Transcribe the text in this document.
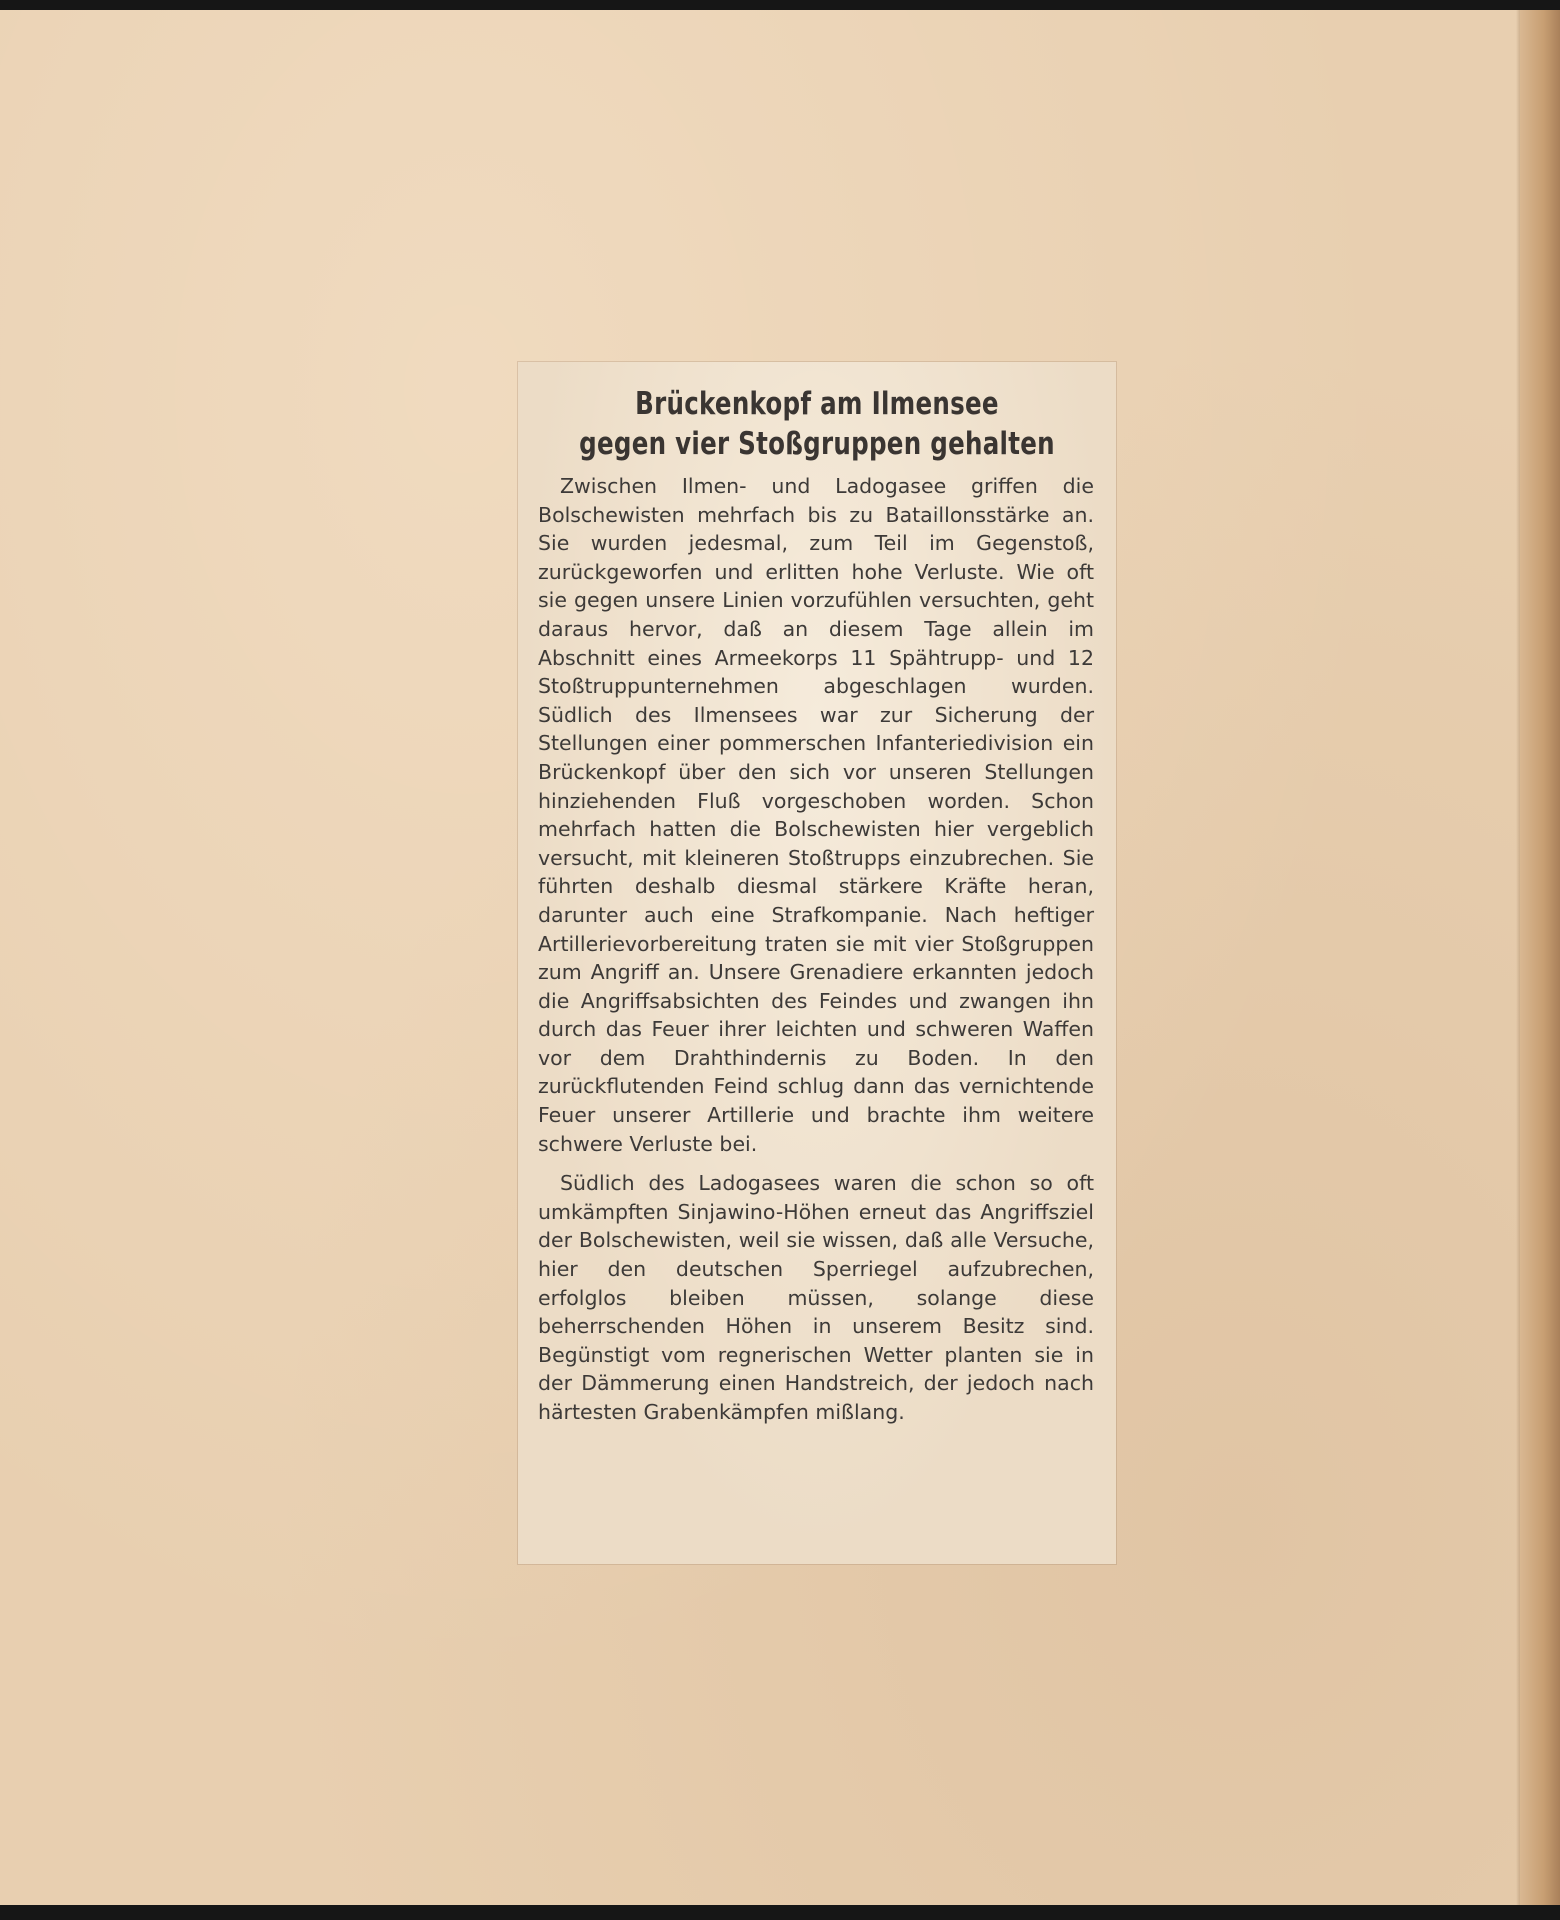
Brückenkopf am Ilmensee
gegen vier Stoßgruppen gehalten

Zwischen Ilmen- und Ladogasee griffen die Bolschewisten mehrfach bis zu Bataillonsstärke an. Sie wurden jedesmal, zum Teil im Gegenstoß, zurückgeworfen und erlitten hohe Verluste. Wie oft sie gegen unsere Linien vorzufühlen versuchten, geht daraus hervor, daß an diesem Tage allein im Abschnitt eines Armeekorps 11 Spähtrupp- und 12 Stoßtruppunternehmen abgeschlagen wurden. Südlich des Ilmensees war zur Sicherung der Stellungen einer pommerschen Infanteriedivision ein Brückenkopf über den sich vor unseren Stellungen hinziehenden Fluß vorgeschoben worden. Schon mehrfach hatten die Bolschewisten hier vergeblich versucht, mit kleineren Stoßtrupps einzubrechen. Sie führten deshalb diesmal stärkere Kräfte heran, darunter auch eine Strafkompanie. Nach heftiger Artillerievorbereitung traten sie mit vier Stoßgruppen zum Angriff an. Unsere Grenadiere erkannten jedoch die Angriffsabsichten des Feindes und zwangen ihn durch das Feuer ihrer leichten und schweren Waffen vor dem Drahthindernis zu Boden. In den zurückflutenden Feind schlug dann das vernichtende Feuer unserer Artillerie und brachte ihm weitere schwere Verluste bei.

Südlich des Ladogasees waren die schon so oft umkämpften Sinjawino-Höhen erneut das Angriffsziel der Bolschewisten, weil sie wissen, daß alle Versuche, hier den deutschen Sperriegel aufzubrechen, erfolglos bleiben müssen, solange diese beherrschenden Höhen in unserem Besitz sind. Begünstigt vom regnerischen Wetter planten sie in der Dämmerung einen Handstreich, der jedoch nach härtesten Grabenkämpfen mißlang.
